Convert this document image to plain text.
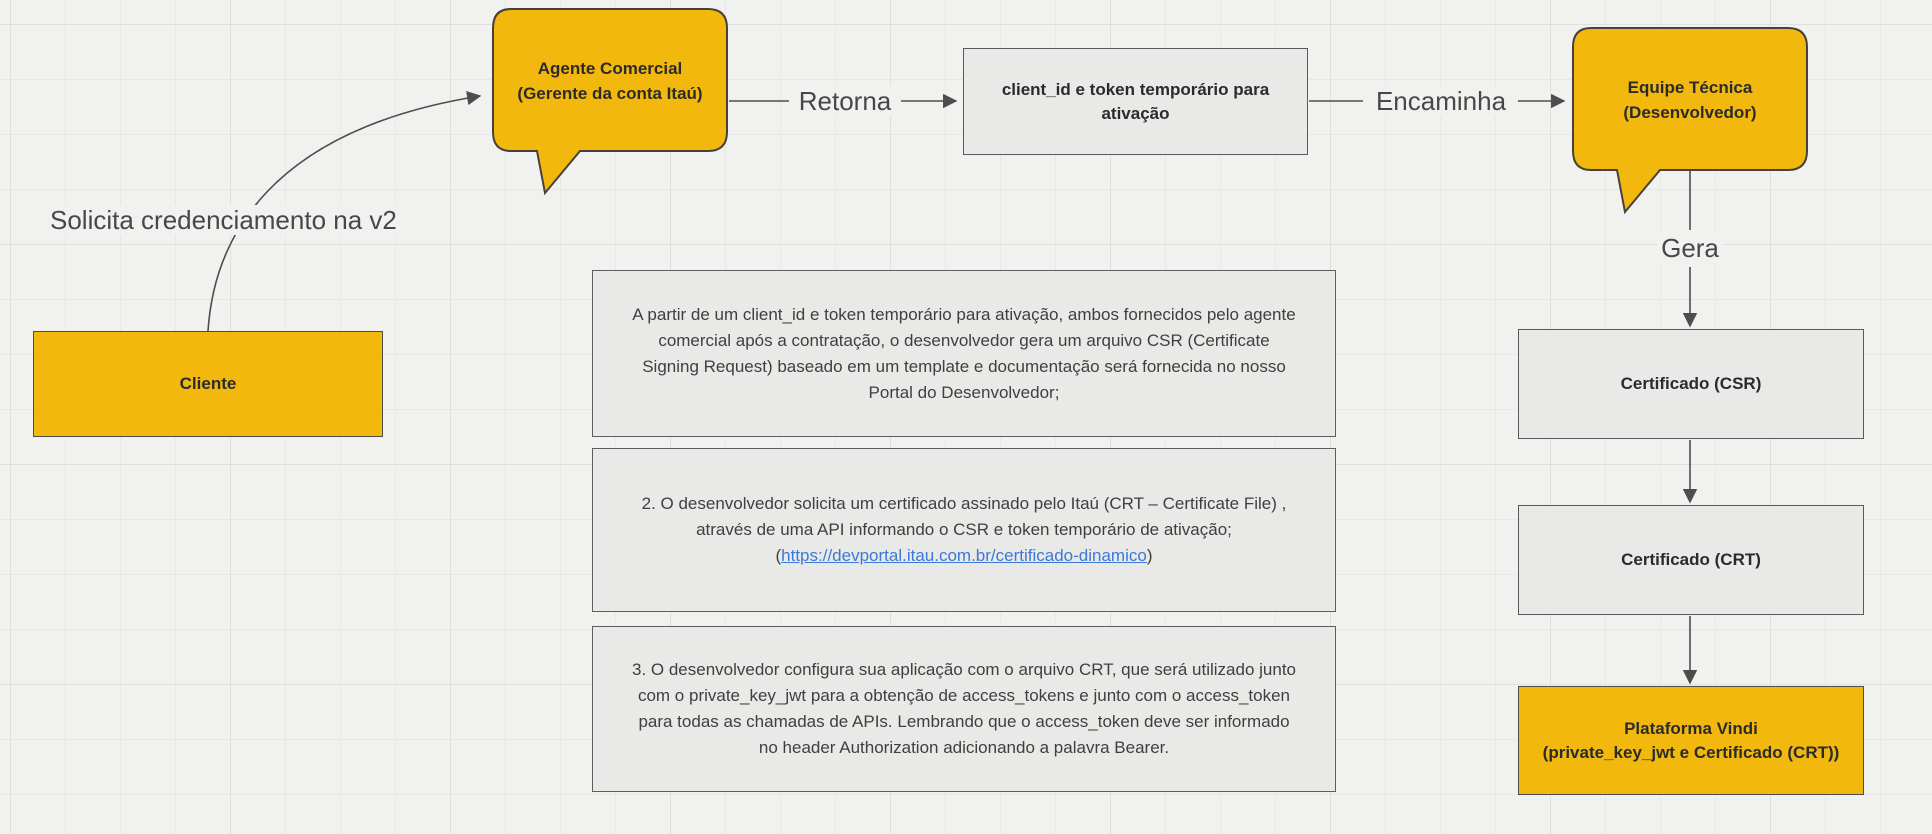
Agente Comercial
(Gerente da conta Itaú)	Equipe Técnica
(Desenvolvedor)
Cliente
client_id e token temporário para ativação
Certificado (CSR)
Certificado (CRT)
Plataforma Vindi
(private_key_jwt e Certificado (CRT))
Solicita credenciamento na v2
Retorna	Encaminha
Gera
A partir de um client_id e token temporário para ativação, ambos fornecidos pelo agente comercial após a contratação, o desenvolvedor gera um arquivo CSR (Certificate Signing Request) baseado em um template e documentação será fornecida no nosso Portal do Desenvolvedor;
2. O desenvolvedor solicita um certificado assinado pelo Itaú (CRT – Certificate File) , através de uma API informando o CSR e token temporário de ativação;
(https://devportal.itau.com.br/certificado-dinamico)
3. O desenvolvedor configura sua aplicação com o arquivo CRT, que será utilizado junto com o private_key_jwt para a obtenção de access_tokens e junto com o access_token para todas as chamadas de APIs. Lembrando que o access_token deve ser informado no header Authorization adicionando a palavra Bearer.
